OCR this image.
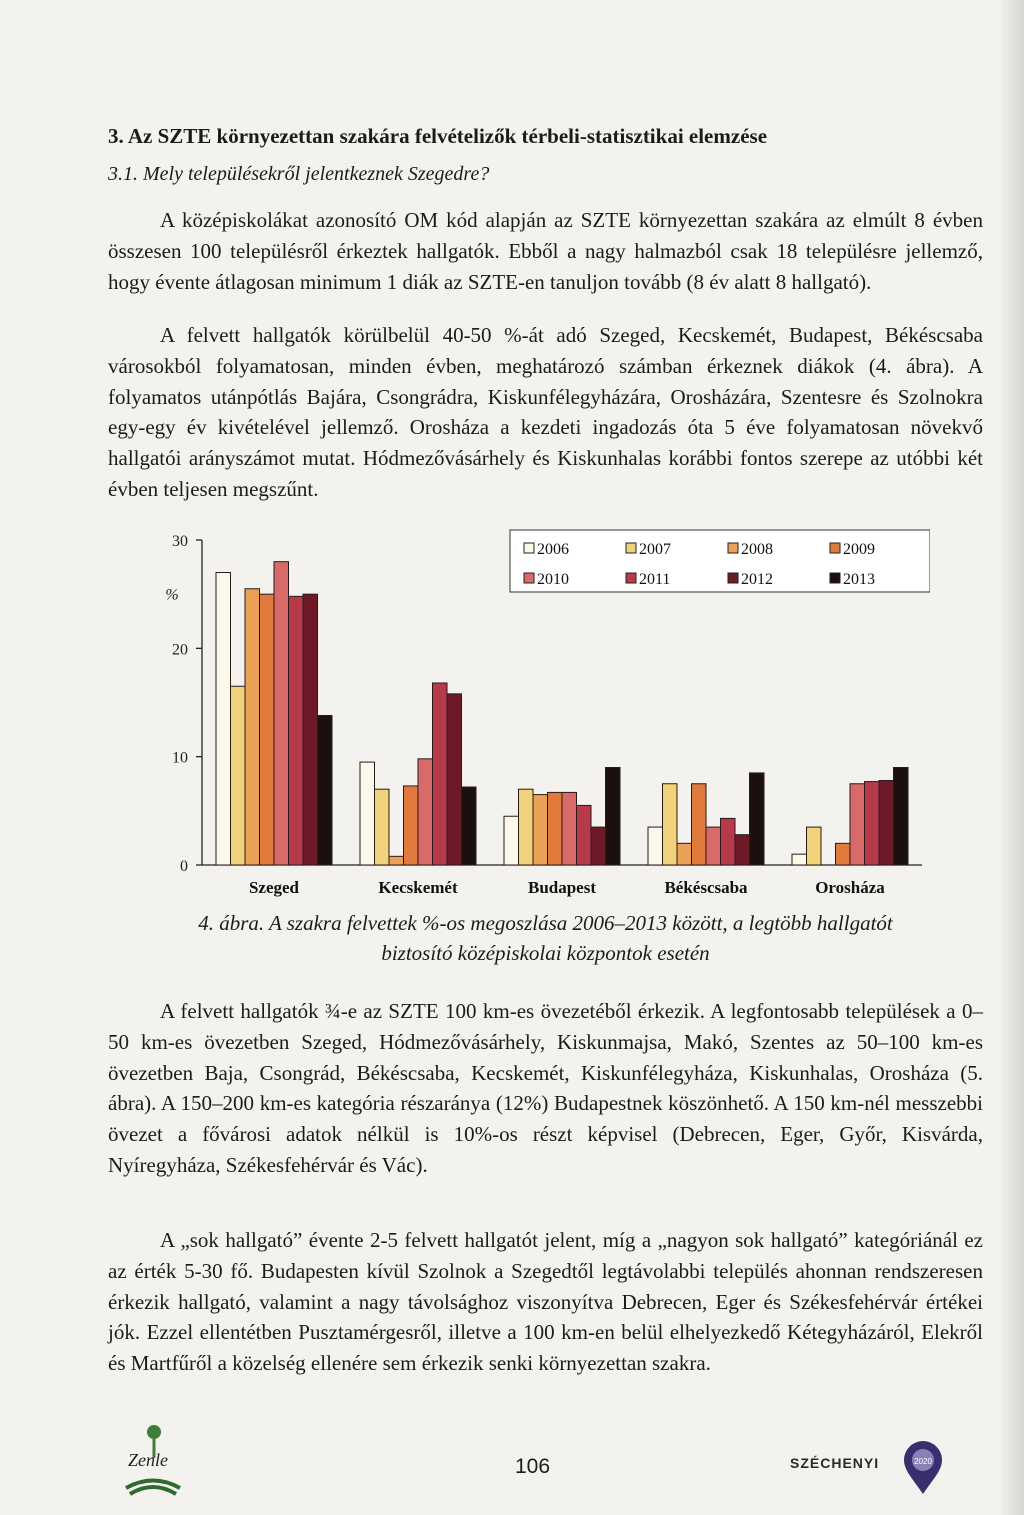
3. Az SZTE környezettan szakára felvételizők térbeli-statisztikai elemzése
3.1. Mely településekről jelentkeznek Szegedre?

A középiskolákat azonosító OM kód alapján az SZTE környezettan szakára az elmúlt 8 évben összesen 100 településről érkeztek hallgatók. Ebből a nagy halmazból csak 18 településre jellemző, hogy évente átlagosan minimum 1 diák az SZTE-en tanuljon tovább (8 év alatt 8 hallgató).

A felvett hallgatók körülbelül 40-50 %-át adó Szeged, Kecskemét, Budapest, Békéscsaba városokból folyamatosan, minden évben, meghatározó számban érkeznek diákok (4. ábra). A folyamatos utánpótlás Bajára, Csongrádra, Kiskunfélegyházára, Orosházára, Szentesre és Szolnokra egy-egy év kivételével jellemző. Orosháza a kezdeti ingadozás óta 5 éve folyamatosan növekvő hallgatói arányszámot mutat. Hódmezővásárhely és Kiskunhalas korábbi fontos szerepe az utóbbi két évben teljesen megszűnt.

0
10
20
30
%
Szeged	Kecskemét	Budapest	Békéscsaba	Orosháza
2006	2007	2008	2009
2010	2011	2012	2013
4. ábra. A szakra felvettek %-os megoszlása 2006–2013 között, a legtöbb hallgatót
biztosító középiskolai központok esetén

A felvett hallgatók ¾-e az SZTE 100 km-es övezetéből érkezik. A legfontosabb települések a 0–50 km-es övezetben Szeged, Hódmezővásárhely, Kiskunmajsa, Makó, Szentes az 50–100 km-es övezetben Baja, Csongrád, Békéscsaba, Kecskemét, Kiskunfélegyháza, Kiskunhalas, Orosháza (5. ábra). A 150–200 km-es kategória részaránya (12%) Budapestnek köszönhető. A 150 km-nél messzebbi övezet a fővárosi adatok nélkül is 10%-os részt képvisel (Debrecen, Eger, Győr, Kisvárda, Nyíregyháza, Székesfehérvár és Vác).

A „sok hallgató” évente 2-5 felvett hallgatót jelent, míg a „nagyon sok hallgató” kategóriánál ez az érték 5-30 fő. Budapesten kívül Szolnok a Szegedtől legtávolabbi település ahonnan rendszeresen érkezik hallgató, valamint a nagy távolsághoz viszonyítva Debrecen, Eger és Székesfehérvár értékei jók. Ezzel ellentétben Pusztamérgesről, illetve a 100 km-en belül elhelyezkedő Kétegyházáról, Elekről és Martfűről a közelség ellenére sem érkezik senki környezettan szakra.

Zenle	106	SZÉCHENYI	2020
